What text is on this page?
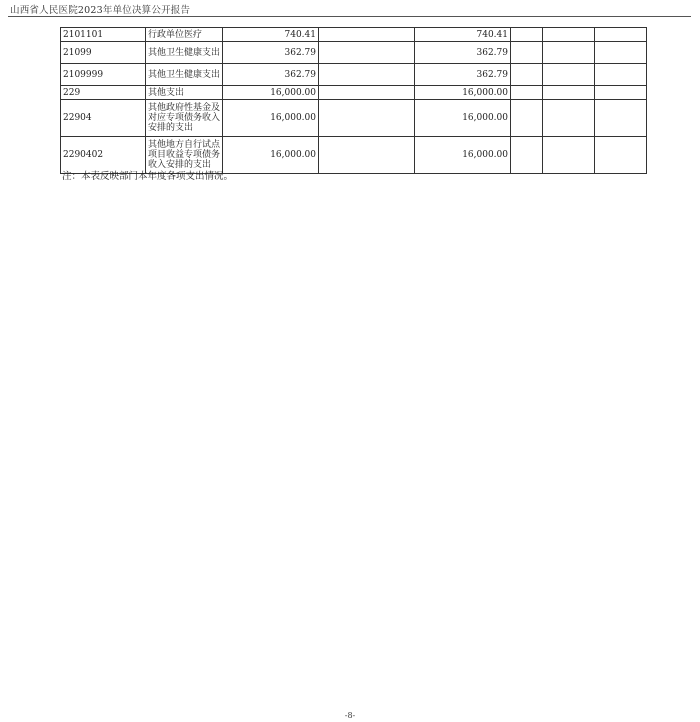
山西省人民医院2023年单位决算公开报告
2101101	行政单位医疗	740.41		740.41			
21099	其他卫生健康支出	362.79		362.79			
2109999	其他卫生健康支出	362.79		362.79			
229	其他支出	16,000.00		16,000.00			
22904	其他政府性基金及对应专项债务收入安排的支出	16,000.00		16,000.00			
2290402	其他地方自行试点项目收益专项债务收入安排的支出	16,000.00		16,000.00			
注：本表反映部门本年度各项支出情况。
-8-
